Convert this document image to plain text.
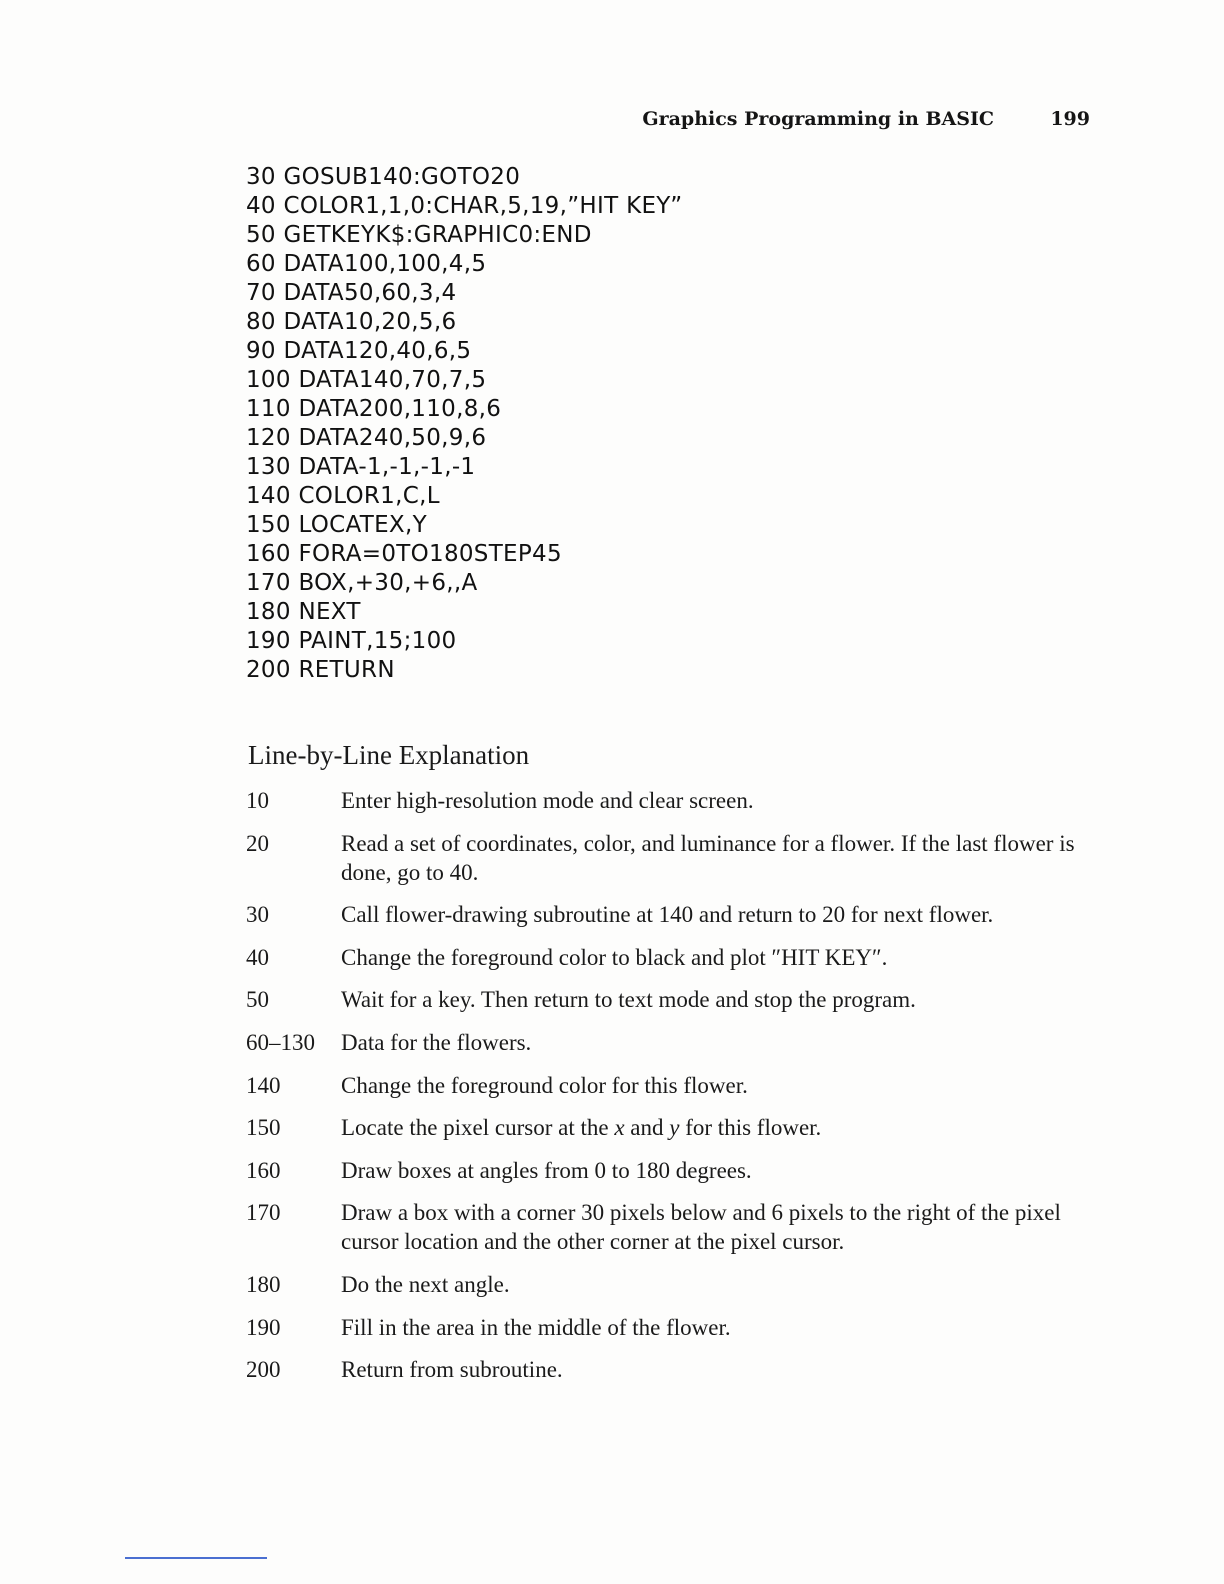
Graphics Programming in BASIC	199
30 GOSUB140:GOTO20
40 COLOR1,1,0:CHAR,5,19,”HIT KEY”
50 GETKEYK$:GRAPHIC0:END
60 DATA100,100,4,5
70 DATA50,60,3,4
80 DATA10,20,5,6
90 DATA120,40,6,5
100 DATA140,70,7,5
110 DATA200,110,8,6
120 DATA240,50,9,6
130 DATA-1,-1,-1,-1
140 COLOR1,C,L
150 LOCATEX,Y
160 FORA=0TO180STEP45
170 BOX,+30,+6,,A
180 NEXT
190 PAINT,15;100
200 RETURN
Line-by-Line Explanation
10	Enter high-resolution mode and clear screen.
20	Read a set of coordinates, color, and luminance for a flower. If the last flower is done, go to 40.
30	Call flower-drawing subroutine at 140 and return to 20 for next flower.
40	Change the foreground color to black and plot ″HIT KEY″.
50	Wait for a key. Then return to text mode and stop the program.
60–130	Data for the flowers.
140	Change the foreground color for this flower.
150	Locate the pixel cursor at the x and y for this flower.
160	Draw boxes at angles from 0 to 180 degrees.
170	Draw a box with a corner 30 pixels below and 6 pixels to the right of the pixel cursor location and the other corner at the pixel cursor.
180	Do the next angle.
190	Fill in the area in the middle of the flower.
200	Return from subroutine.
